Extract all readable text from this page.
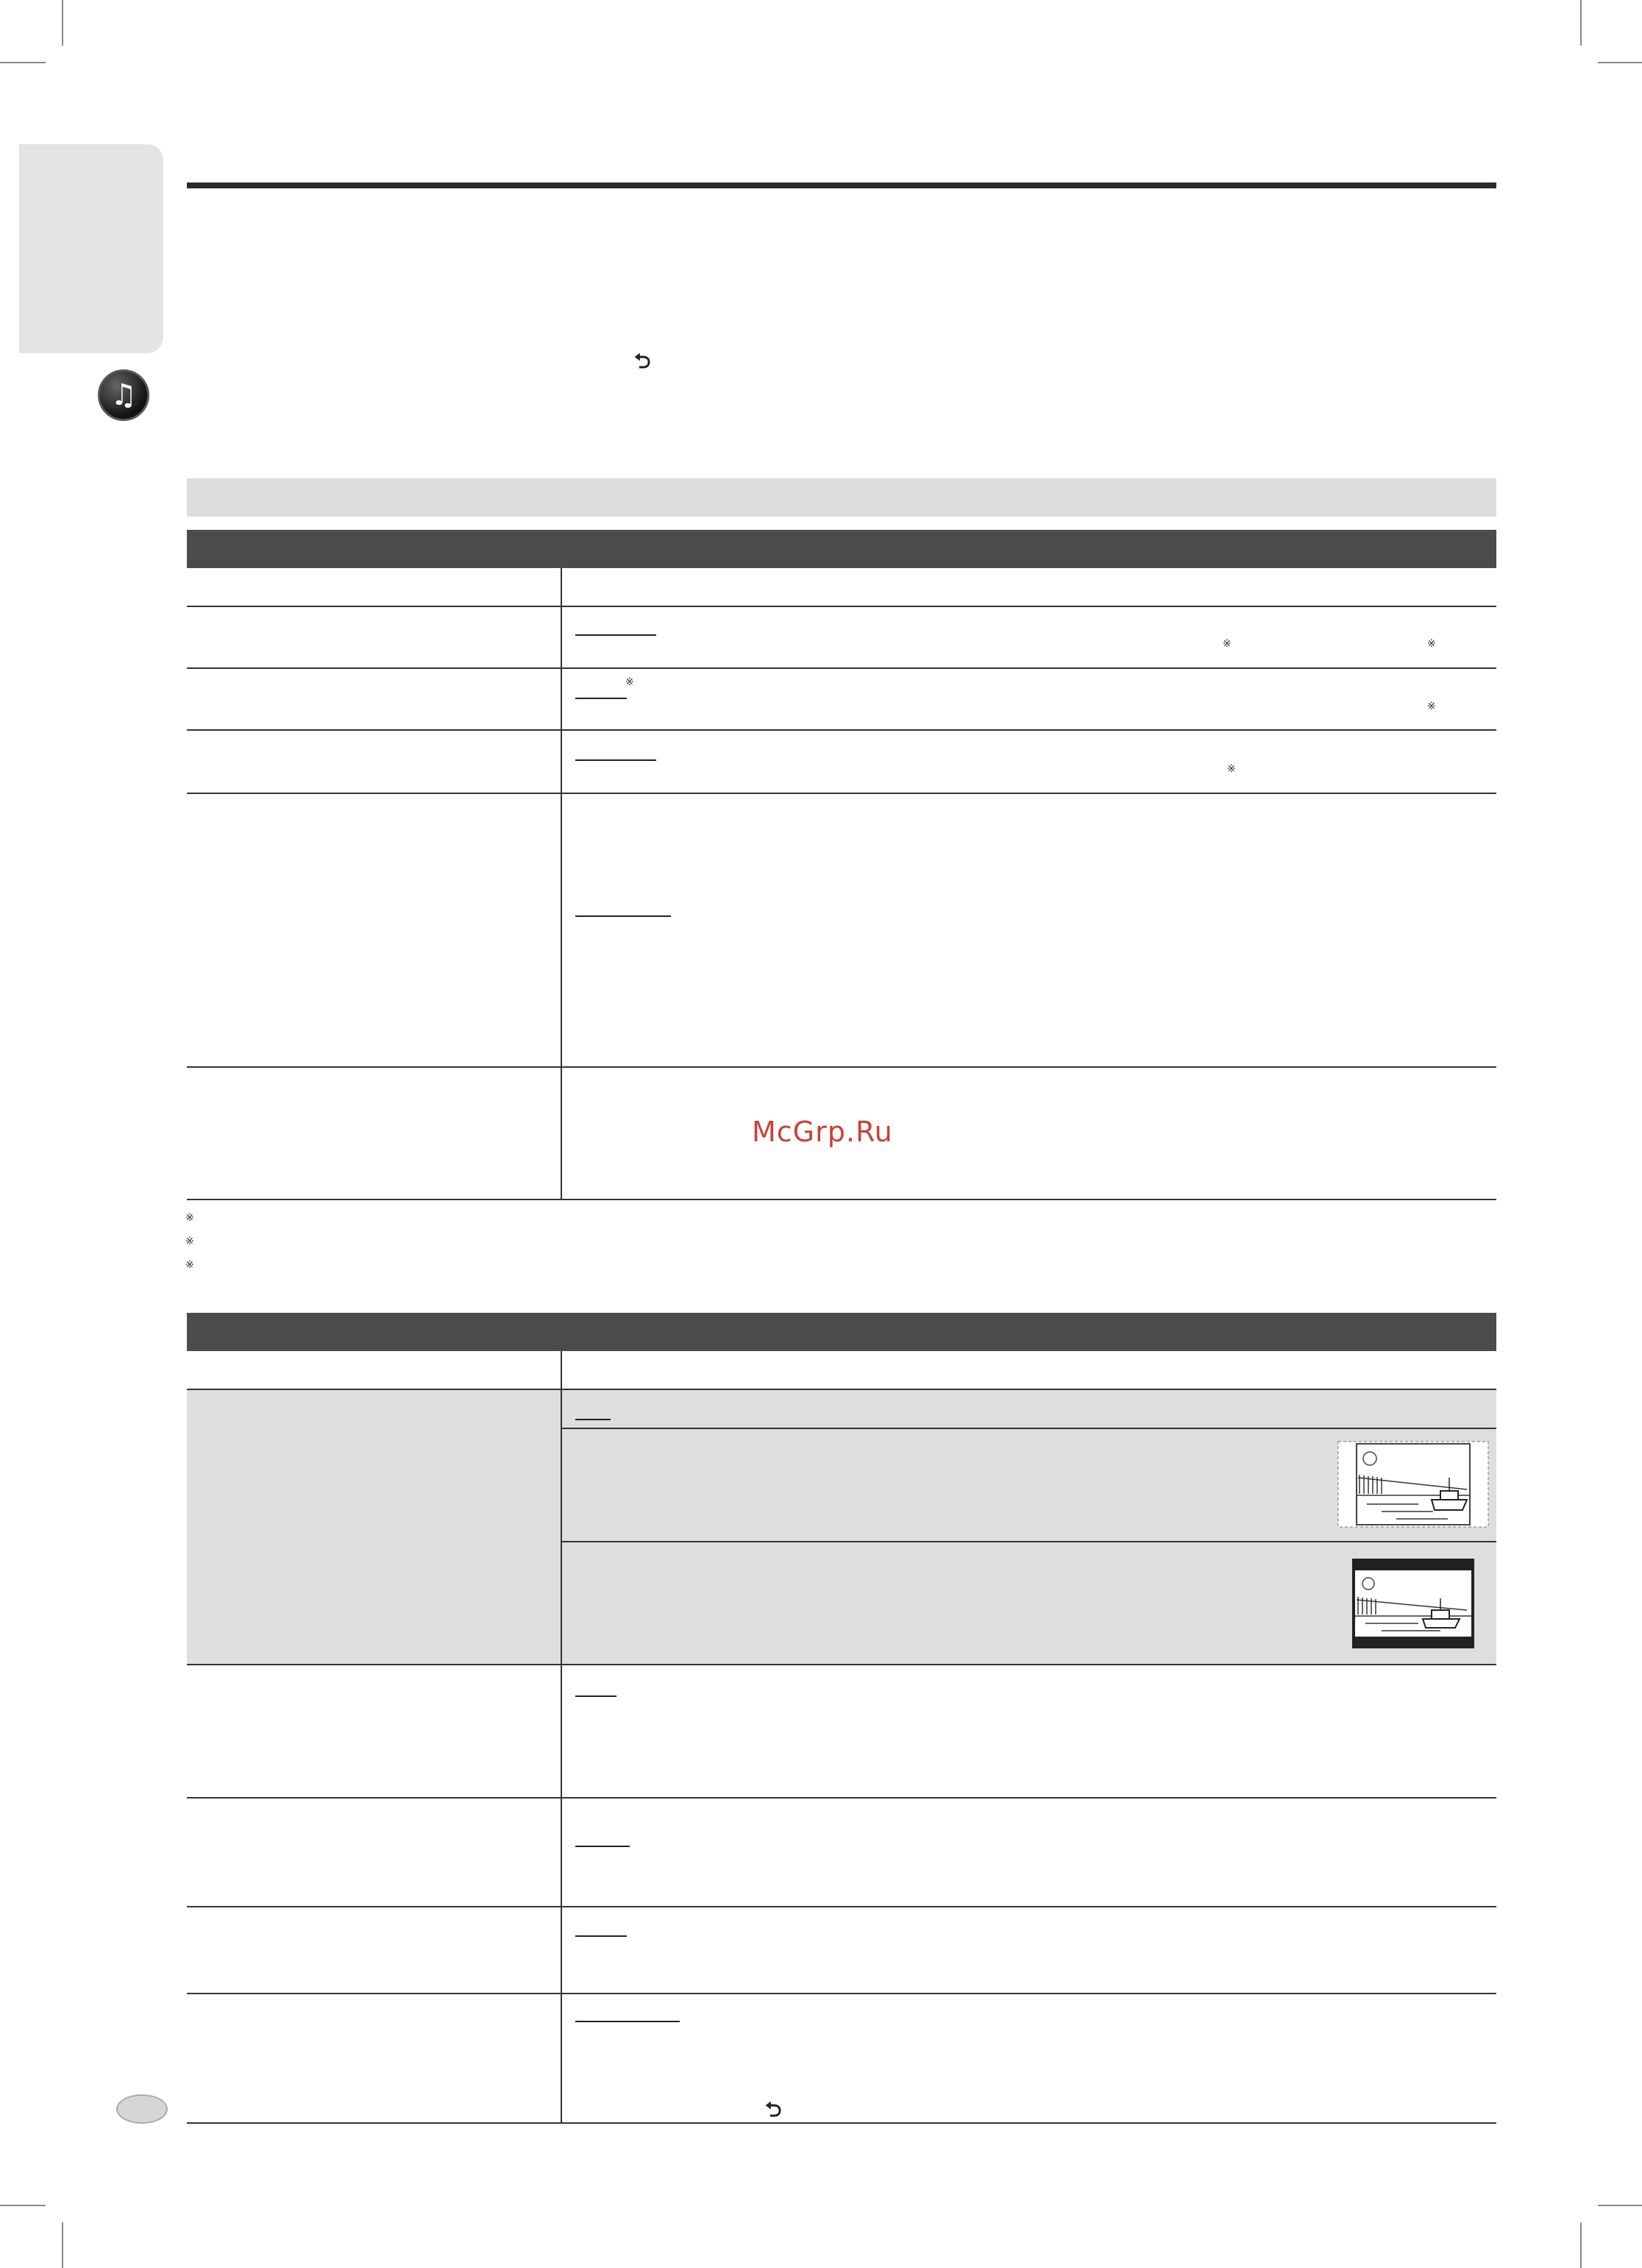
♫
⮌
※	※
※
※
※
McGrp.Ru
※
※
※
⮌
